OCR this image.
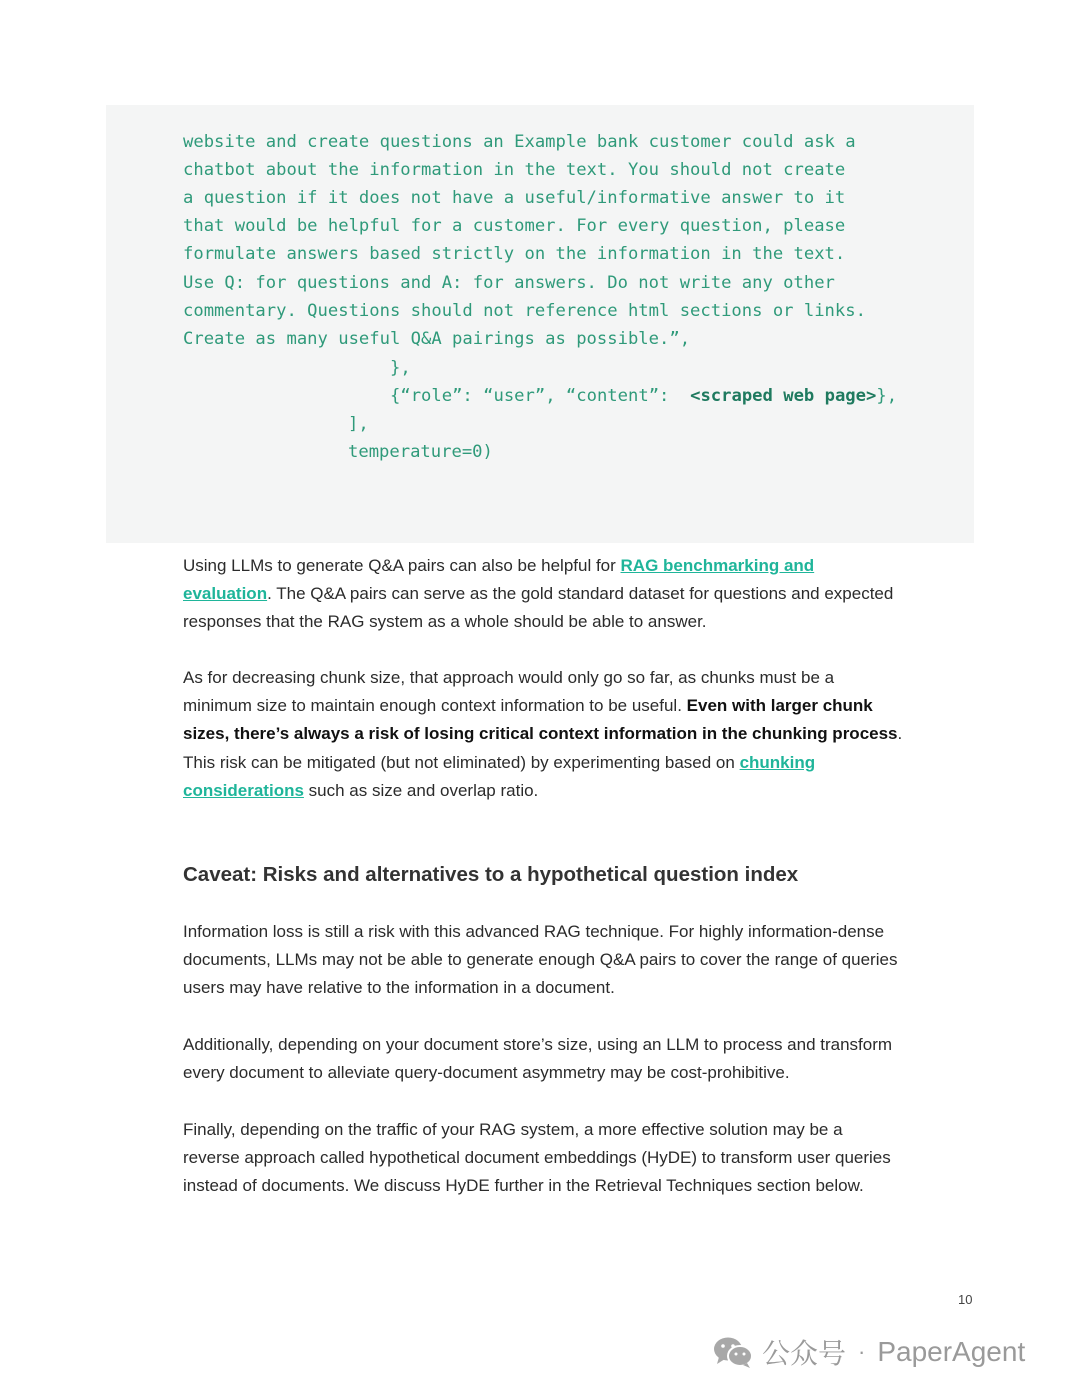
website and create questions an Example bank customer could ask a
chatbot about the information in the text. You should not create
a question if it does not have a useful/informative answer to it
that would be helpful for a customer. For every question, please
formulate answers based strictly on the information in the text.
Use Q: for questions and A: for answers. Do not write any other
commentary. Questions should not reference html sections or links.
Create as many useful Q&A pairings as possible.”,
},
{“role”: “user”, “content”:  <scraped web page>},
],
temperature=0)
Using LLMs to generate Q&A pairs can also be helpful for RAG benchmarking and evaluation. The Q&A pairs can serve as the gold standard dataset for questions and expected responses that the RAG system as a whole should be able to answer.
As for decreasing chunk size, that approach would only go so far, as chunks must be a minimum size to maintain enough context information to be useful. Even with larger chunk sizes, there’s always a risk of losing critical context information in the chunking process. This risk can be mitigated (but not eliminated) by experimenting based on chunking considerations such as size and overlap ratio.
Caveat: Risks and alternatives to a hypothetical question index
Information loss is still a risk with this advanced RAG technique. For highly information-dense documents, LLMs may not be able to generate enough Q&A pairs to cover the range of queries users may have relative to the information in a document.
Additionally, depending on your document store’s size, using an LLM to process and transform every document to alleviate query-document asymmetry may be cost-prohibitive.
Finally, depending on the traffic of your RAG system, a more effective solution may be a reverse approach called hypothetical document embeddings (HyDE) to transform user queries instead of documents. We discuss HyDE further in the Retrieval Techniques section below.
10
公众号 · PaperAgent
